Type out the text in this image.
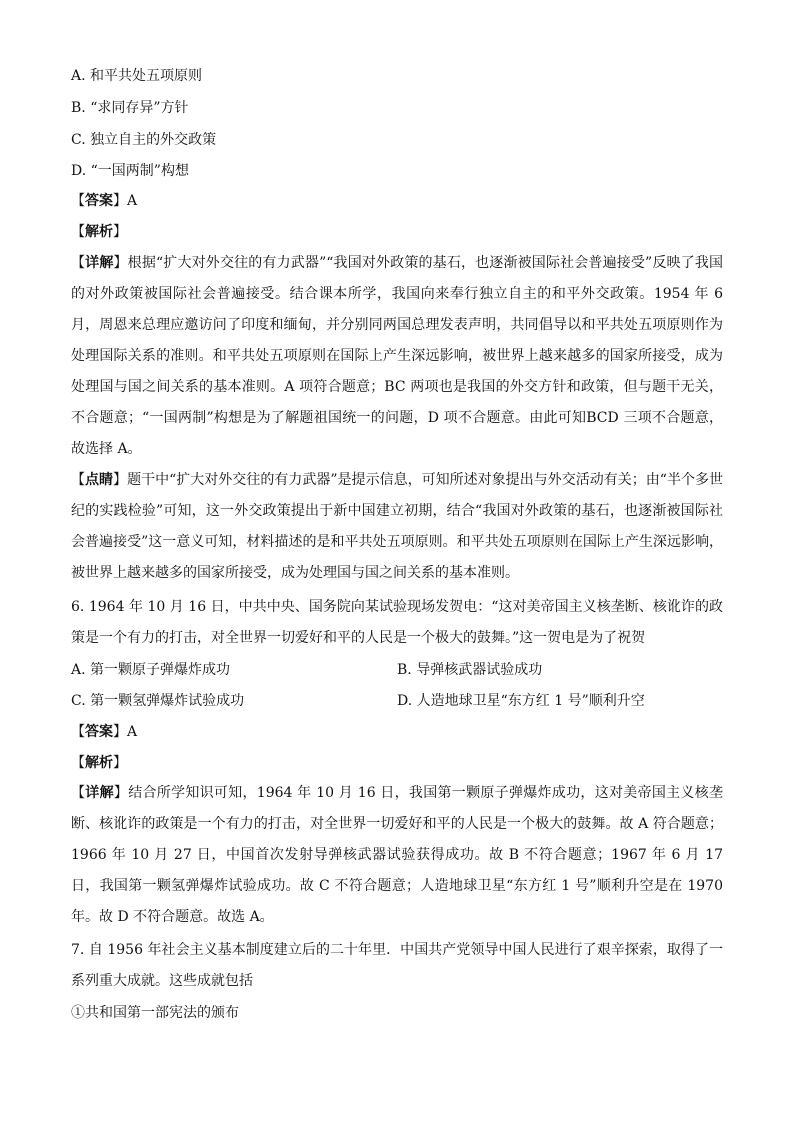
A. 和平共处五项原则
B. “求同存异”方针
C. 独立自主的外交政策
D. “一国两制”构想
【答案】A
【解析】
【详解】根据“扩大对外交往的有力武器”“我国对外政策的基石，也逐渐被国际社会普遍接受”反映了我国的对外政策被国际社会普遍接受。结合课本所学，我国向来奉行独立自主的和平外交政策。1954 年 6 月，周恩来总理应邀访问了印度和缅甸，并分别同两国总理发表声明，共同倡导以和平共处五项原则作为处理国际关系的准则。和平共处五项原则在国际上产生深远影响，被世界上越来越多的国家所接受，成为处理国与国之间关系的基本准则。A 项符合题意；BC 两项也是我国的外交方针和政策，但与题干无关，不合题意；“一国两制”构想是为了解题祖国统一的问题，D 项不合题意。由此可知BCD 三项不合题意，故选择 A。
【点睛】题干中“扩大对外交往的有力武器”是提示信息，可知所述对象提出与外交活动有关；由“半个多世纪的实践检验”可知，这一外交政策提出于新中国建立初期，结合“我国对外政策的基石，也逐渐被国际社会普遍接受”这一意义可知，材料描述的是和平共处五项原则。和平共处五项原则在国际上产生深远影响，被世界上越来越多的国家所接受，成为处理国与国之间关系的基本准则。
6. 1964 年 10 月 16 日，中共中央、国务院向某试验现场发贺电：“这对美帝国主义核垄断、核讹诈的政策是一个有力的打击，对全世界一切爱好和平的人民是一个极大的鼓舞。”这一贺电是为了祝贺
A. 第一颗原子弹爆炸成功	B. 导弹核武器试验成功
C. 第一颗氢弹爆炸试验成功	D. 人造地球卫星“东方红 1 号”顺利升空
【答案】A
【解析】
【详解】结合所学知识可知，1964 年 10 月 16 日，我国第一颗原子弹爆炸成功，这对美帝国主义核垄断、核讹诈的政策是一个有力的打击，对全世界一切爱好和平的人民是一个极大的鼓舞。故 A 符合题意；1966 年 10 月 27 日，中国首次发射导弹核武器试验获得成功。故 B 不符合题意；1967 年 6 月 17 日，我国第一颗氢弹爆炸试验成功。故 C 不符合题意；人造地球卫星“东方红 1 号”顺利升空是在 1970 年。故 D 不符合题意。故选 A。
7. 自 1956 年社会主义基本制度建立后的二十年里．中国共产党领导中国人民进行了艰辛探索，取得了一系列重大成就。这些成就包括
①共和国第一部宪法的颁布
